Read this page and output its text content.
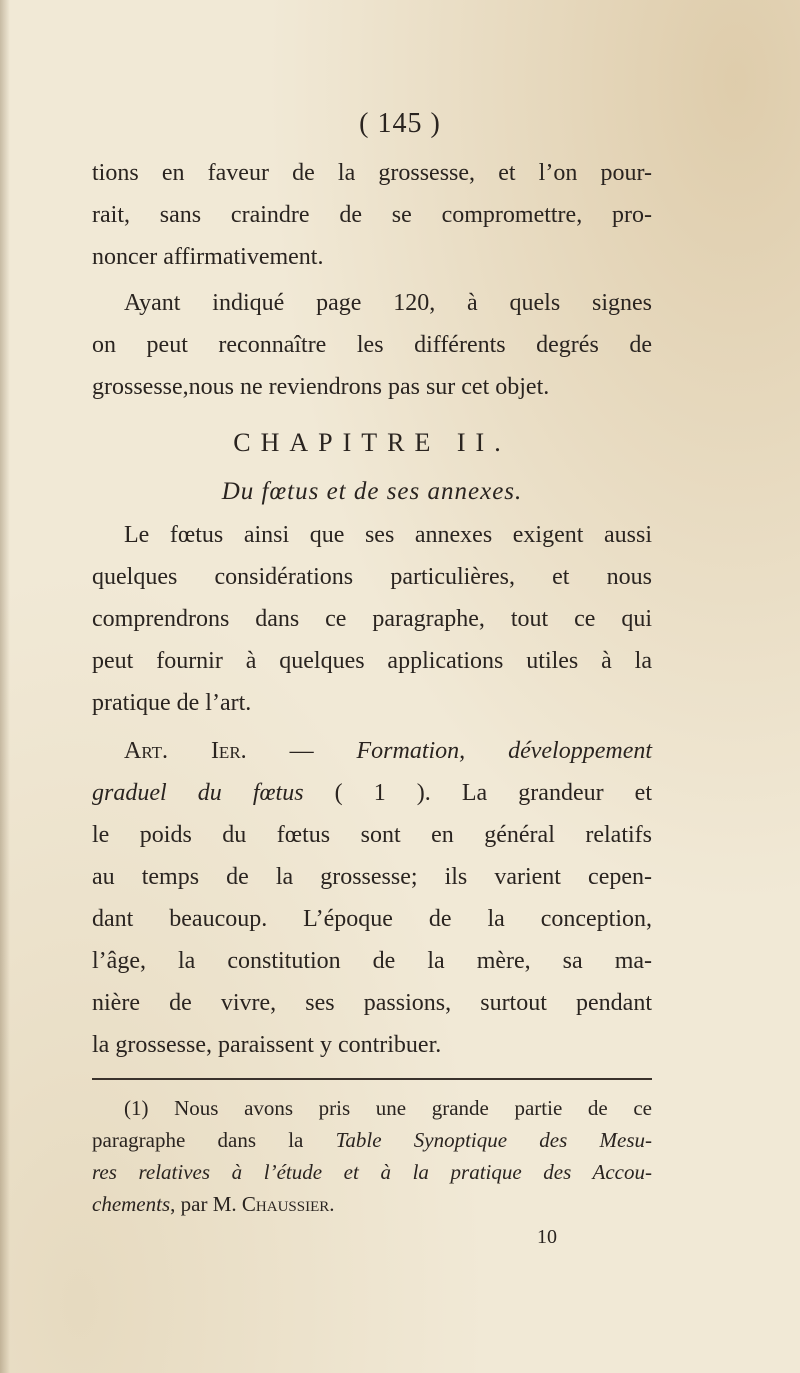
( 145 )
tions en faveur de la grossesse, et l’on pour-
rait, sans craindre de se compromettre, pro-
noncer affirmativement.
Ayant indiqué page 120, à quels signes
on peut reconnaître les différents degrés de
grossesse,nous ne reviendrons pas sur cet objet.
CHAPITRE II.
Du fœtus et de ses annexes.
Le fœtus ainsi que ses annexes exigent aussi
quelques considérations particulières, et nous
comprendrons dans ce paragraphe, tout ce qui
peut fournir à quelques applications utiles à la
pratique de l’art.
Art. Ier. — Formation, développement
graduel du fœtus ( 1 ). La grandeur et
le poids du fœtus sont en général relatifs
au temps de la grossesse; ils varient cepen-
dant beaucoup. L’époque de la conception,
l’âge, la constitution de la mère, sa ma-
nière de vivre, ses passions, surtout pendant
la grossesse, paraissent y contribuer.
(1) Nous avons pris une grande partie de ce
paragraphe dans la Table Synoptique des Mesu-
res relatives à l’étude et à la pratique des Accou-
chements, par M. Chaussier.
10
